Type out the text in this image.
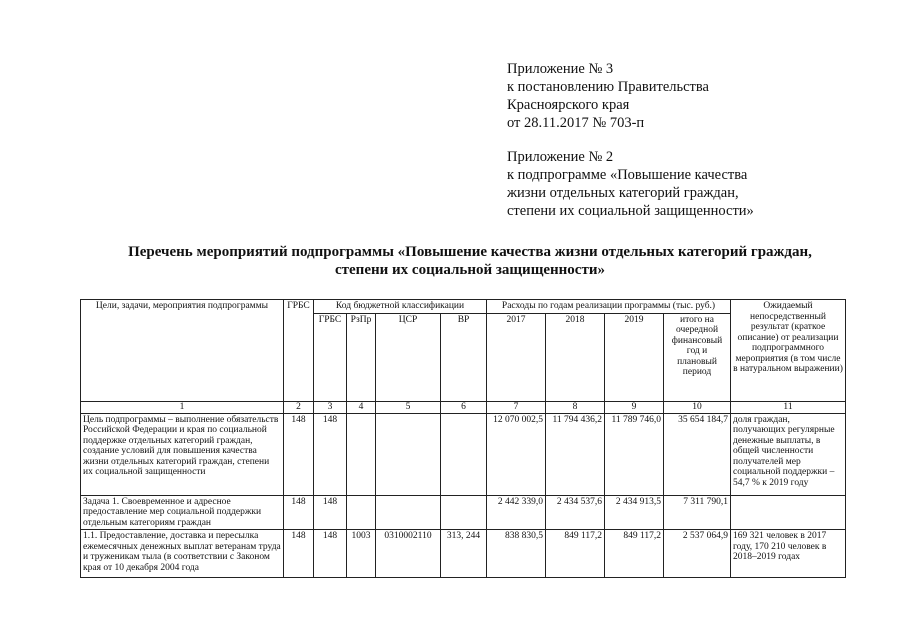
Приложение № 3
к постановлению Правительства
Красноярского края
от 28.11.2017 № 703-п
Приложение № 2
к подпрограмме «Повышение качества
жизни отдельных категорий граждан,
степени их социальной защищенности»
Перечень мероприятий подпрограммы «Повышение качества жизни отдельных категорий граждан,
степени их социальной защищенности»
Цели, задачи, мероприятия подпрограммы	ГРБС	Код бюджетной классификации				Расходы по годам реализации программы (тыс. руб.)				Ожидаемый непосредственный результат (краткое описание) от реализации подпрограммного мероприятия (в том числе в натуральном выражении)
		ГРБС	РзПр	ЦСР	ВР	2017	2018	2019	итого на очередной финансовый год и плановый период	
1	2	3	4	5	6	7	8	9	10	11
Цель подпрограммы – выполнение обязательств Российской Федерации и края по социальной поддержке отдельных категорий граждан, создание условий для повышения качества жизни отдельных категорий граждан, степени их социальной защищенности	148	148				12 070 002,5	11 794 436,2	11 789 746,0	35 654 184,7	доля граждан, получающих регулярные денежные выплаты, в общей численности получателей мер социальной поддержки – 54,7 % к 2019 году
Задача 1. Своевременное и адресное предоставление мер социальной поддержки отдельным категориям граждан	148	148				2 442 339,0	2 434 537,6	2 434 913,5	7 311 790,1	
1.1. Предоставление, доставка и пересылка ежемесячных денежных выплат ветеранам труда и труженикам тыла (в соответствии с Законом края от 10 декабря 2004 года	148	148	1003	0310002110	313, 244	838 830,5	849 117,2	849 117,2	2 537 064,9	169 321 человек в 2017 году, 170 210 человек в 2018–2019 годах
